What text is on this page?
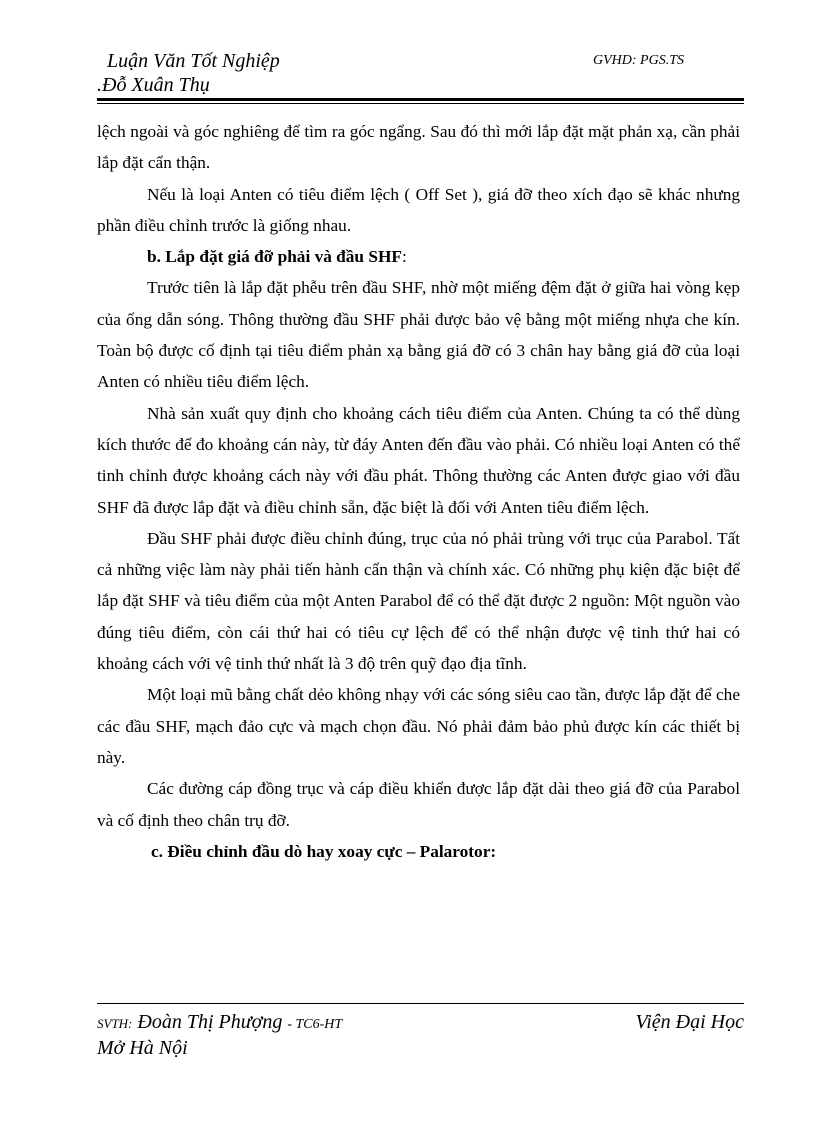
Luận Văn Tốt Nghiệp
.Đỗ Xuân Thụ
GVHD: PGS.TS

lệch ngoài và góc nghiêng để tìm ra góc ngẩng. Sau đó thì mới lắp đặt mặt phản xạ, cần phải lắp đặt cẩn thận.

Nếu là loại Anten có tiêu điểm lệch ( Off Set ), giá đỡ theo xích đạo sẽ khác nhưng phần điều chỉnh trước là giống nhau.

b. Lắp đặt giá đỡ phải và đầu SHF:

Trước tiên là lắp đặt phễu trên đầu SHF, nhờ một miếng đệm đặt ở giữa hai vòng kẹp của ống dẫn sóng. Thông thường đầu SHF phải được bảo vệ bằng một miếng nhựa che kín. Toàn bộ được cố định tại tiêu điểm phản xạ bằng giá đỡ có 3 chân hay bằng giá đỡ của loại Anten có nhiều tiêu điểm lệch.

Nhà sản xuất quy định cho khoảng cách tiêu điểm của Anten. Chúng ta có thể dùng kích thước để đo khoảng cán này, từ đáy Anten đến đầu vào phải. Có nhiều loại Anten có thể tinh chỉnh được khoảng cách này với đầu phát. Thông thường các Anten được giao với đầu SHF đã được lắp đặt và điều chỉnh sẵn, đặc biệt là đối với Anten tiêu điểm lệch.

Đầu SHF phải được điều chỉnh đúng, trục của nó phải trùng với trục của Parabol. Tất cả những việc làm này phải tiến hành cẩn thận và chính xác. Có những phụ kiện đặc biệt để lắp đặt SHF và tiêu điểm của một Anten Parabol để có thể đặt được 2 nguồn: Một nguồn vào đúng tiêu điểm, còn cái thứ hai có tiêu cự lệch để có thể nhận được vệ tinh thứ hai có khoảng cách với vệ tinh thứ nhất là 3 độ trên quỹ đạo địa tĩnh.

Một loại mũ bằng chất dẻo không nhạy với các sóng siêu cao tần, được lắp đặt để che các đầu SHF, mạch đảo cực và mạch chọn đầu. Nó phải đảm bảo phủ được kín các thiết bị này.

Các đường cáp đồng trục và cáp điều khiển được lắp đặt dài theo giá đỡ của Parabol và cố định theo chân trụ đỡ.

c. Điều chỉnh đầu dò hay xoay cực – Palarotor:

SVTH: Đoàn Thị Phượng - TC6-HT	Viện Đại Học
Mở Hà Nội
